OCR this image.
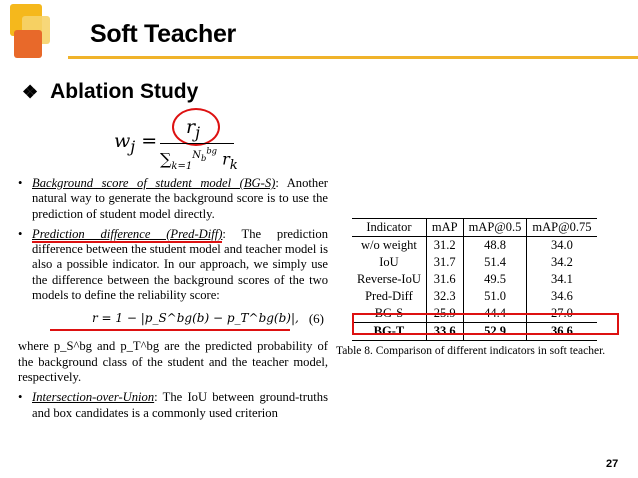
Soft Teacher
❖ Ablation Study
$w_j$ =
$r_j$
$\sum_{k=1}^{N_b^{bg}}$ $r_k$
• Background score of student model (BG-S): Another natural way to generate the background score is to use the prediction of student model directly.
• Prediction difference (Pred-Diff): The prediction difference between the student model and teacher model is also a possible indicator. In our approach, we simply use the difference between the background scores of the two models to define the reliability score:
r = 1 − |p_S^bg(b) − p_T^bg(b)|, (6)
where p_S^bg and p_T^bg are the predicted probability of the background class of the student and the teacher model, respectively.
• Intersection-over-Union: The IoU between ground-truths and box candidates is a commonly used criterion
Indicator	mAP	mAP@0.5	mAP@0.75
w/o weight	31.2	48.8	34.0
IoU	31.7	51.4	34.2
Reverse-IoU	31.6	49.5	34.1
Pred-Diff	32.3	51.0	34.6
BG-S	25.9	44.4	27.0
BG-T	33.6	52.9	36.6
Table 8. Comparison of different indicators in soft teacher.
27
